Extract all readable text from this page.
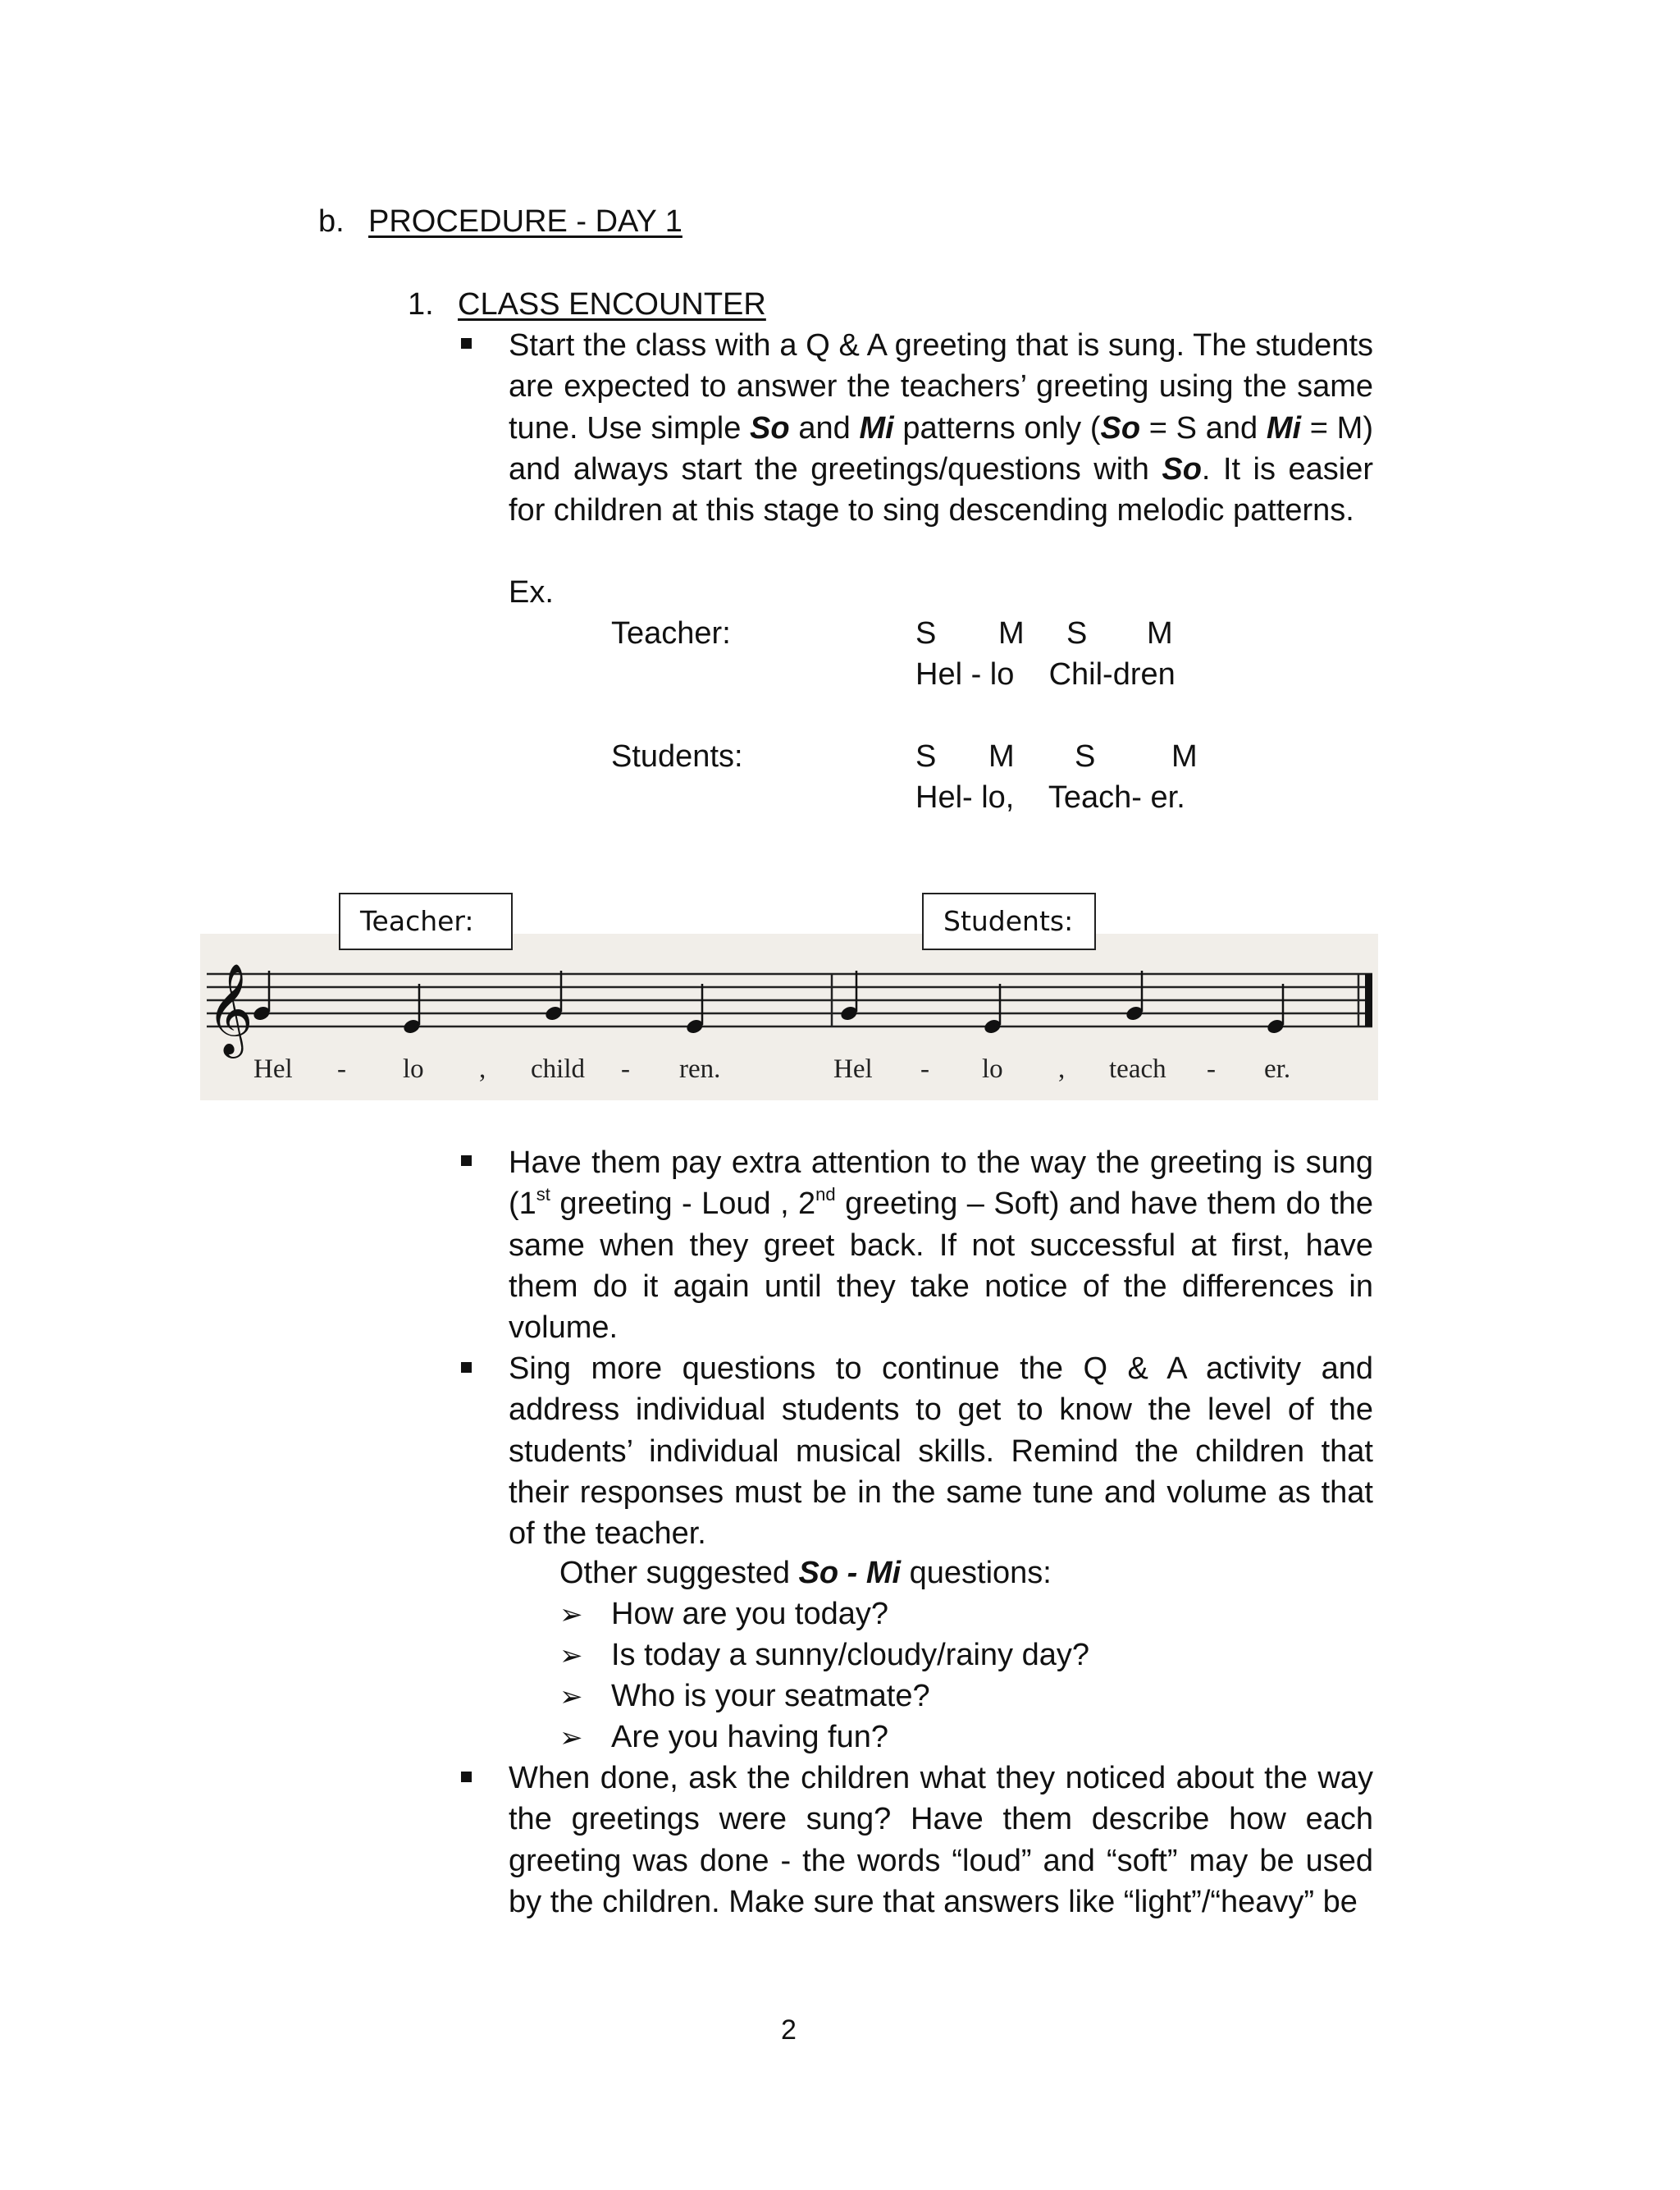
b. PROCEDURE - DAY 1
1. CLASS ENCOUNTER
Start the class with a Q & A greeting that is sung. The students are expected to answer the teachers’ greeting using the same tune. Use simple So and Mi patterns only (So = S and Mi = M) and always start the greetings/questions with So. It is easier for children at this stage to sing descending melodic patterns.
Ex.
Teacher:	S M S M
Hel - lo    Chil-dren
Students:	S M S M
Hel- lo,    Teach- er.
Teacher:	Students:
𝄞
Hel - lo , child - ren.	Hel - lo , teach - er.
Have them pay extra attention to the way the greeting is sung (1st greeting - Loud , 2nd greeting – Soft) and have them do the same when they greet back. If not successful at first, have them do it again until they take notice of the differences in volume.
Sing more questions to continue the Q & A activity and address individual students to get to know the level of the students’ individual musical skills. Remind the children that their responses must be in the same tune and volume as that of the teacher.
Other suggested So - Mi questions:
➢ How are you today?
➢ Is today a sunny/cloudy/rainy day?
➢ Who is your seatmate?
➢ Are you having fun?
When done, ask the children what they noticed about the way the greetings were sung? Have them describe how each greeting was done - the words “loud” and “soft” may be used by the children. Make sure that answers like “light”/“heavy” be
2
